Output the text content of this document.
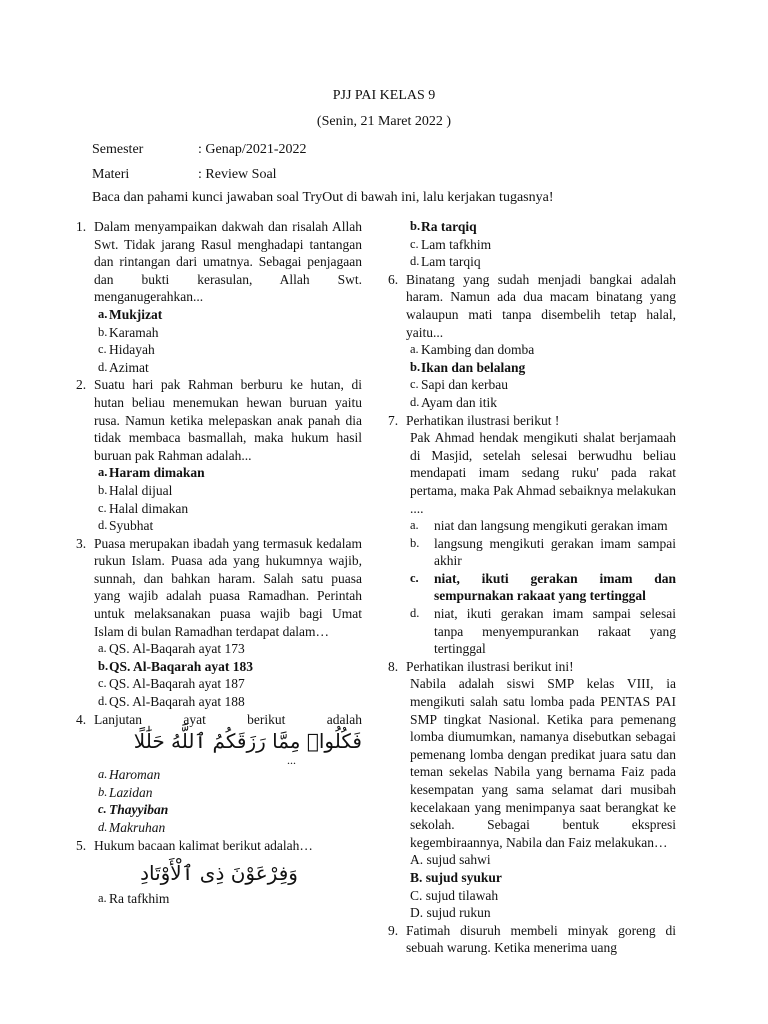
PJJ PAI KELAS 9
(Senin, 21 Maret 2022 )
Semester	: Genap/2021-2022
Materi	: Review Soal
Baca dan pahami kunci jawaban soal TryOut di bawah ini, lalu kerjakan tugasnya!
1. Dalam menyampaikan dakwah dan risalah Allah Swt. Tidak jarang Rasul menghadapi tantangan dan rintangan dari umatnya. Sebagai penjagaan dan bukti kerasulan, Allah Swt. menganugerahkan...
a. Mukjizat
b. Karamah
c. Hidayah
d. Azimat
2. Suatu hari pak Rahman berburu ke hutan, di hutan beliau menemukan hewan buruan yaitu rusa. Namun ketika melepaskan anak panah dia tidak membaca basmallah, maka hukum hasil buruan pak Rahman adalah...
a. Haram dimakan
b. Halal dijual
c. Halal dimakan
d. Syubhat
3. Puasa merupakan ibadah yang termasuk kedalam rukun Islam. Puasa ada yang hukumnya wajib, sunnah, dan bahkan haram. Salah satu puasa yang wajib adalah puasa Ramadhan. Perintah untuk melaksanakan puasa wajib bagi Umat Islam di bulan Ramadhan terdapat dalam…
a. QS. Al-Baqarah ayat 173
b. QS. Al-Baqarah ayat 183
c. QS. Al-Baqarah ayat 187
d. QS. Al-Baqarah ayat 188
4. Lanjutan ayat berikut adalah
فَكُلُوا۟ مِمَّا رَزَقَكُمُ ٱللَّهُ حَلَٰلًا
...
a. Haroman
b. Lazidan
c. Thayyiban
d. Makruhan
5. Hukum bacaan kalimat berikut adalah…
وَفِرْعَوْنَ ذِى ٱلْأَوْتَادِ
a. Ra tafkhim
b. Ra tarqiq
c. Lam tafkhim
d. Lam tarqiq
6. Binatang yang sudah menjadi bangkai adalah haram. Namun ada dua macam binatang yang walaupun mati tanpa disembelih tetap halal, yaitu...
a. Kambing dan domba
b. Ikan dan belalang
c. Sapi dan kerbau
d. Ayam dan itik
7. Perhatikan ilustrasi berikut !
Pak Ahmad hendak mengikuti shalat berjamaah di Masjid, setelah selesai berwudhu beliau mendapati imam sedang ruku' pada rakat pertama, maka Pak Ahmad sebaiknya melakukan ....
a. niat dan langsung mengikuti gerakan imam
b. langsung mengikuti gerakan imam sampai akhir
c. niat, ikuti gerakan imam dan sempurnakan rakaat yang tertinggal
d. niat, ikuti gerakan imam sampai selesai tanpa menyempurankan rakaat yang tertinggal
8. Perhatikan ilustrasi berikut ini!
Nabila adalah siswi SMP kelas VIII, ia mengikuti salah satu lomba pada PENTAS PAI SMP tingkat Nasional. Ketika para pemenang lomba diumumkan, namanya disebutkan sebagai pemenang lomba dengan predikat juara satu dan teman sekelas Nabila yang bernama Faiz pada kesempatan yang sama selamat dari musibah kecelakaan yang menimpanya saat berangkat ke sekolah. Sebagai bentuk ekspresi kegembiraannya, Nabila dan Faiz melakukan…
A. sujud sahwi
B. sujud syukur
C. sujud tilawah
D. sujud rukun
9. Fatimah disuruh membeli minyak goreng di sebuah warung. Ketika menerima uang
